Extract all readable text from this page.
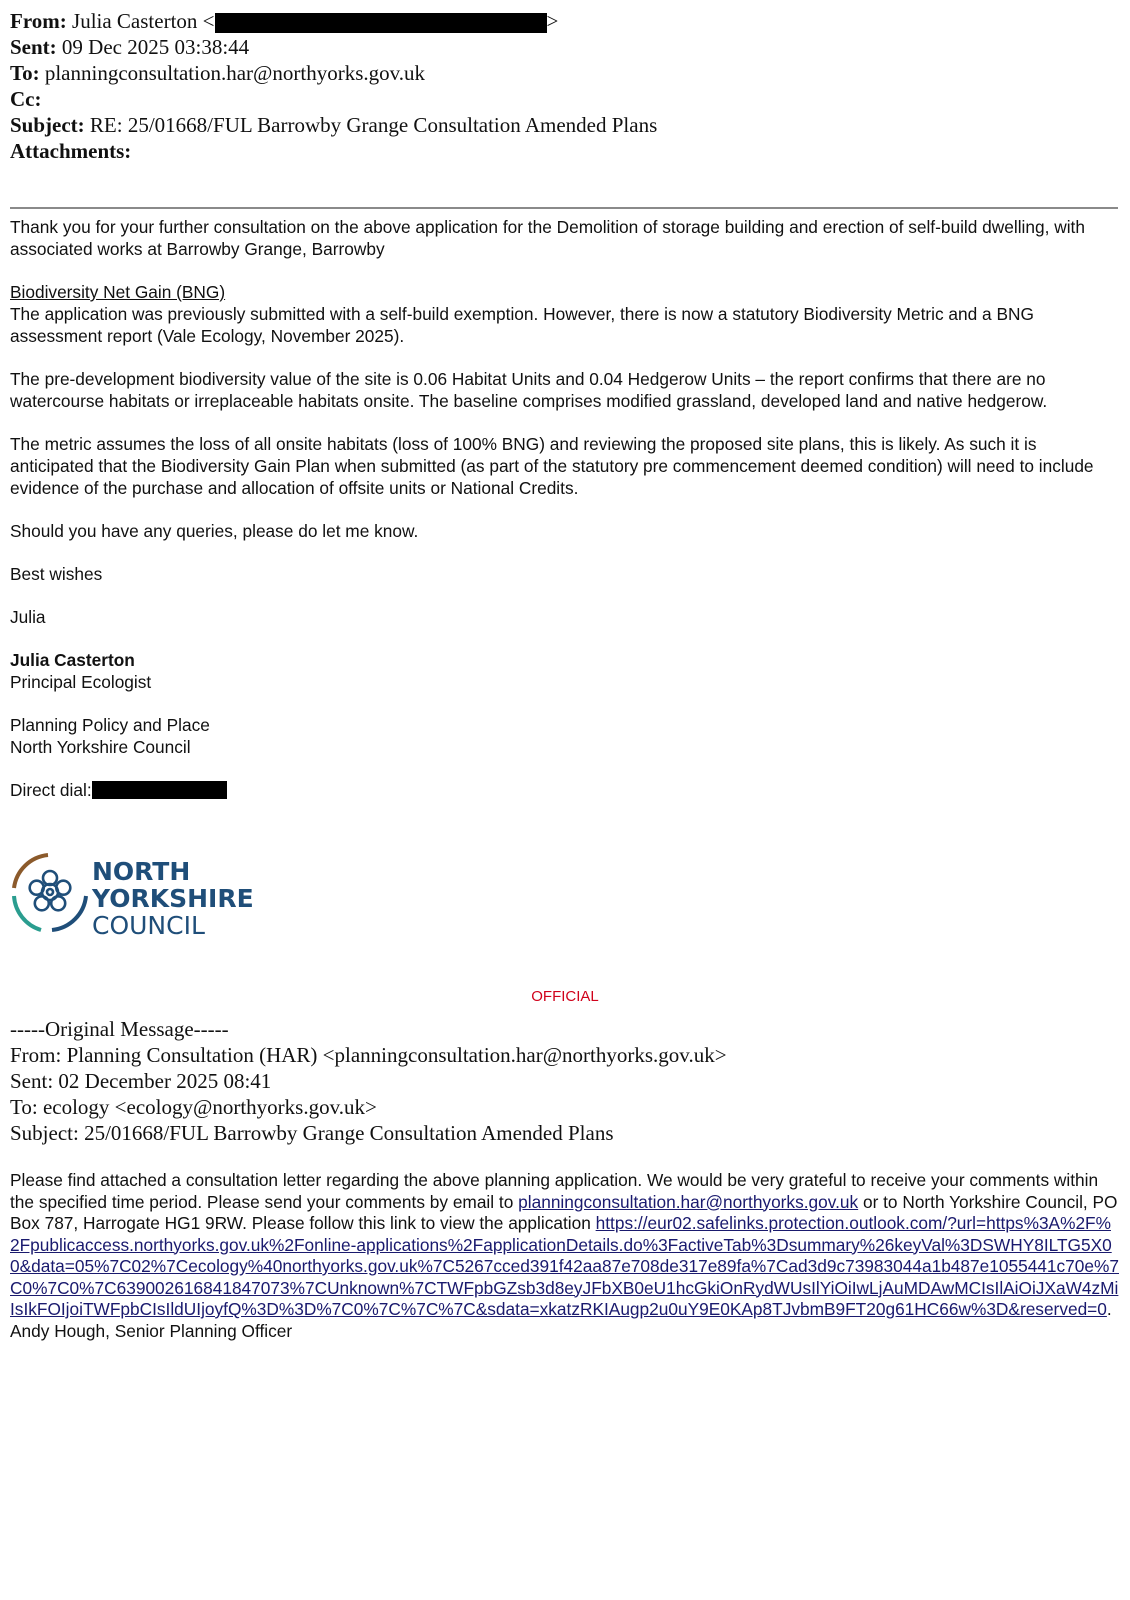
From: Julia Casterton <	>
Sent: 09 Dec 2025 03:38:44
To: planningconsultation.har@northyorks.gov.uk
Cc:
Subject: RE: 25/01668/FUL Barrowby Grange Consultation Amended Plans
Attachments:

Thank you for your further consultation on the above application for the Demolition of storage building and erection of self-build dwelling, with associated works at Barrowby Grange, Barrowby

Biodiversity Net Gain (BNG)
The application was previously submitted with a self-build exemption. However, there is now a statutory Biodiversity Metric and a BNG assessment report (Vale Ecology, November 2025).

The pre-development biodiversity value of the site is 0.06 Habitat Units and 0.04 Hedgerow Units – the report confirms that there are no watercourse habitats or irreplaceable habitats onsite. The baseline comprises modified grassland, developed land and native hedgerow.

The metric assumes the loss of all onsite habitats (loss of 100% BNG) and reviewing the proposed site plans, this is likely. As such it is anticipated that the Biodiversity Gain Plan when submitted (as part of the statutory pre commencement deemed condition) will need to include evidence of the purchase and allocation of offsite units or National Credits.

Should you have any queries, please do let me know.

Best wishes

Julia

Julia Casterton
Principal Ecologist

Planning Policy and Place
North Yorkshire Council

Direct dial:

NORTH
YORKSHIRE
COUNCIL
OFFICIAL
-----Original Message-----
From: Planning Consultation (HAR) <planningconsultation.har@northyorks.gov.uk>
Sent: 02 December 2025 08:41
To: ecology <ecology@northyorks.gov.uk>
Subject: 25/01668/FUL Barrowby Grange Consultation Amended Plans
Please find attached a consultation letter regarding the above planning application. We would be very grateful to receive your comments within the specified time period. Please send your comments by email to planningconsultation.har@northyorks.gov.uk or to North Yorkshire Council, PO Box 787, Harrogate HG1 9RW. Please follow this link to view the application https://eur02.safelinks.protection.outlook.com/?url=https%3A%2F%2Fpublicaccess.northyorks.gov.uk%2Fonline-applications%2FapplicationDetails.do%3FactiveTab%3Dsummary%26keyVal%3DSWHY8ILTG5X00&data=05%7C02%7Cecology%40northyorks.gov.uk%7C5267cced391f42aa87e708de317e89fa%7Cad3d9c73983044a1b487e1055441c70e%7C0%7C0%7C639002616841847073%7CUnknown%7CTWFpbGZsb3d8eyJFbXB0eU1hcGkiOnRydWUsIlYiOiIwLjAuMDAwMCIsIlAiOiJXaW4zMiIsIkFOIjoiTWFpbCIsIldUIjoyfQ%3D%3D%7C0%7C%7C%7C&sdata=xkatzRKIAugp2u0uY9E0KAp8TJvbmB9FT20g61HC66w%3D&reserved=0.
Andy Hough, Senior Planning Officer
